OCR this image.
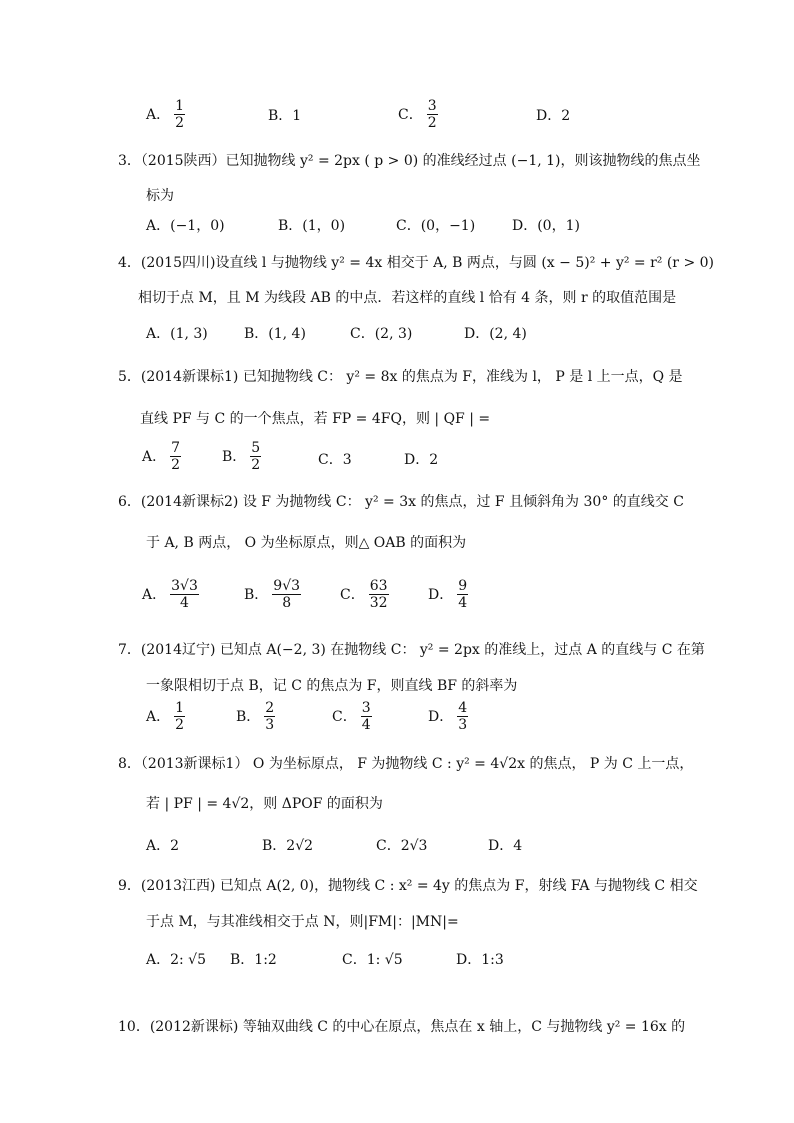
A． $\frac{1}{2}$	B．1	C． $\frac{3}{2}$	D．2
3．（2015陕西）已知抛物线 y² = 2px ( p > 0) 的准线经过点 (−1, 1)，则该抛物线的焦点坐
标为
A．(−1，0)	B．(1，0)	C．(0，−1)	D．(0，1)
4．(2015四川)设直线 l 与抛物线 y² = 4x 相交于 A, B 两点，与圆 (x − 5)² + y² = r² (r > 0)
相切于点 M，且 M 为线段 AB 的中点．若这样的直线 l 恰有 4 条，则 r 的取值范围是
A．(1, 3)	B．(1, 4)	C．(2, 3)	D．(2, 4)
5．(2014新课标1) 已知抛物线 C： y² = 8x 的焦点为 F，准线为 l， P 是 l 上一点，Q 是
直线 PF 与 C 的一个焦点，若 FP = 4FQ，则 | QF | =
A． $\frac{7}{2}$	B． $\frac{5}{2}$	C．3	D．2
6．(2014新课标2) 设 F 为抛物线 C： y² = 3x 的焦点，过 F 且倾斜角为 30° 的直线交 C
于 A, B 两点， O 为坐标原点，则△ OAB 的面积为
A． $\frac{3√3}{4}$	B． $\frac{9√3}{8}$	C． $\frac{63}{32}$	D． $\frac{9}{4}$
7．(2014辽宁) 已知点 A(−2, 3) 在抛物线 C： y² = 2px 的准线上，过点 A 的直线与 C 在第
一象限相切于点 B，记 C 的焦点为 F，则直线 BF 的斜率为
A． $\frac{1}{2}$	B． $\frac{2}{3}$	C． $\frac{3}{4}$	D． $\frac{4}{3}$
8．（2013新课标1） O 为坐标原点， F 为抛物线 C : y² = 4√2x 的焦点， P 为 C 上一点，
若 | PF | = 4√2，则 ΔPOF 的面积为
A．2	B．2√2	C．2√3	D．4
9．(2013江西) 已知点 A(2, 0)，抛物线 C : x² = 4y 的焦点为 F，射线 FA 与抛物线 C 相交
于点 M，与其准线相交于点 N，则|FM|：|MN|=
A．2: √5 B．1:2	C．1: √5	D．1:3
10．(2012新课标) 等轴双曲线 C 的中心在原点，焦点在 x 轴上，C 与抛物线 y² = 16x 的
